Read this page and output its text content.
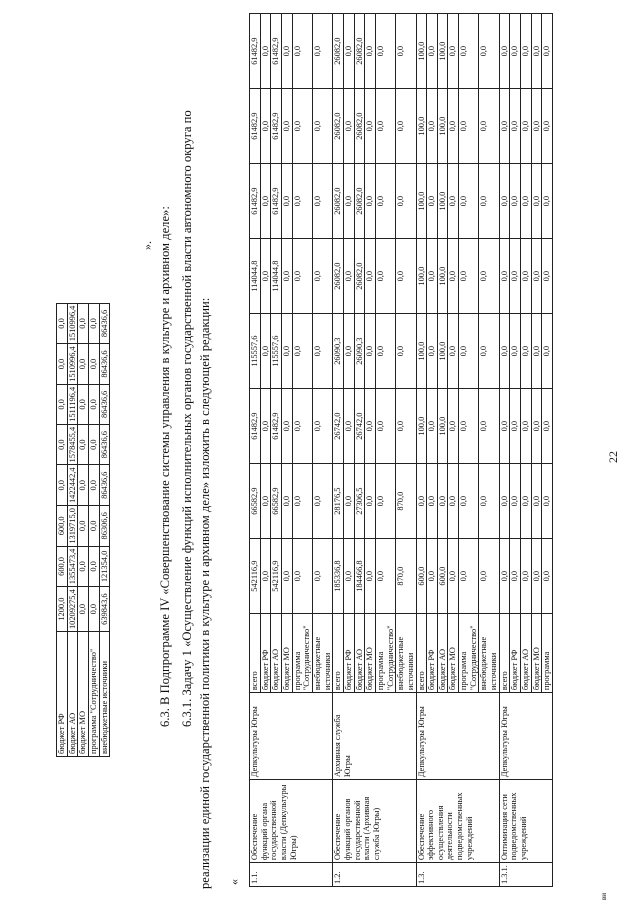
22
бюджет РФ	1200,0	600,0	600,0	0,0	0,0	0,0	0,0	0,0
бюджет АО	10209275,4	1355473,4	1319715,0	1422442,4	1578455,4	1511196,4	1510996,4	1510996,4
бюджет МО	0,0	0,0	0,0	0,0	0,0	0,0	0,0	0,0
программа "Сотрудничество"	0,0	0,0	0,0	0,0	0,0	0,0	0,0	0,0
внебюджетные источники	639843,6	121354,0	86306,6	86436,6	86436,6	86436,6	86436,6	86436,6
». 6.3. В Подпрограмме IV «Совершенствование системы управления в культуре и архивном деле»: 6.3.1. Задачу 1 «Осуществление функций исполнительных органов государственной власти автономного округа по реализации единой государственной политики в культуре и архивном деле» изложить в следующей редакции: « 1.1.	Обеспечение функций органа государственной власти (Депкультуры Югры)	Депкультуры Югры	всего	542116,9	66582,9	61482,9	115557,6	114044,8	61482,9	61482,9	61482,9
			бюджет РФ	0,0	0,0	0,0	0,0	0,0	0,0	0,0	0,0
			бюджет АО	542116,9	66582,9	61482,9	115557,6	114044,8	61482,9	61482,9	61482,9
			бюджет МО	0,0	0,0	0,0	0,0	0,0	0,0	0,0	0,0
			программа "Сотрудничество"	0,0	0,0	0,0	0,0	0,0	0,0	0,0	0,0
			внебюджетные источники	0,0	0,0	0,0	0,0	0,0	0,0	0,0	0,0
1.2.	Обеспечение функций органов государственной власти (Архивная служба Югры)	Архивная служба Югры	всего	185336,8	28176,5	26742,0	26090,3	26082,0	26082,0	26082,0	26082,0
			бюджет РФ	0,0	0,0	0,0	0,0	0,0	0,0	0,0	0,0
			бюджет АО	184466,8	27306,5	26742,0	26090,3	26082,0	26082,0	26082,0	26082,0
			бюджет МО	0,0	0,0	0,0	0,0	0,0	0,0	0,0	0,0
			программа "Сотрудничество"	0,0	0,0	0,0	0,0	0,0	0,0	0,0	0,0
			внебюджетные источники	870,0	870,0	0,0	0,0	0,0	0,0	0,0	0,0
1.3.	Обеспечение эффективного осуществления деятельности подведомственных учреждений	Депкультуры Югры	всего	600,0	0,0	100,0	100,0	100,0	100,0	100,0	100,0
			бюджет РФ	0,0	0,0	0,0	0,0	0,0	0,0	0,0	0,0
			бюджет АО	600,0	0,0	100,0	100,0	100,0	100,0	100,0	100,0
			бюджет МО	0,0	0,0	0,0	0,0	0,0	0,0	0,0	0,0
			программа "Сотрудничество"	0,0	0,0	0,0	0,0	0,0	0,0	0,0	0,0
			внебюджетные источники	0,0	0,0	0,0	0,0	0,0	0,0	0,0	0,0
1.3.1.	Оптимизация сети подведомственных учреждений	Депкультуры Югры	всего	0,0	0,0	0,0	0,0	0,0	0,0	0,0	0,0
			бюджет РФ	0,0	0,0	0,0	0,0	0,0	0,0	0,0	0,0
			бюджет АО	0,0	0,0	0,0	0,0	0,0	0,0	0,0	0,0
			бюджет МО	0,0	0,0	0,0	0,0	0,0	0,0	0,0	0,0
			программа	0,0	0,0	0,0	0,0	0,0	0,0	0,0	0,0
ви
